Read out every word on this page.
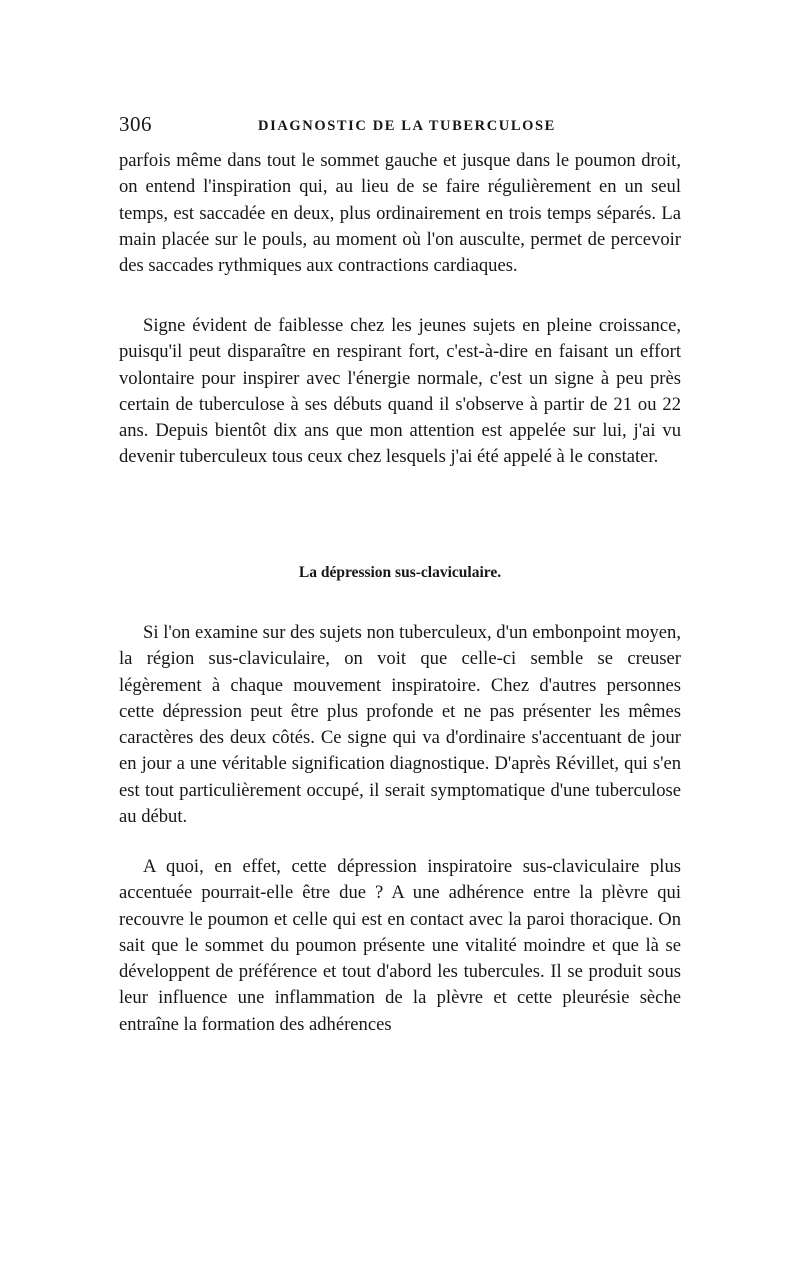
306	DIAGNOSTIC DE LA TUBERCULOSE

parfois même dans tout le sommet gauche et jusque dans le poumon droit, on entend l'inspiration qui, au lieu de se faire régulièrement en un seul temps, est saccadée en deux, plus ordinairement en trois temps séparés. La main placée sur le pouls, au moment où l'on ausculte, permet de percevoir des saccades rythmiques aux contractions cardiaques.

Signe évident de faiblesse chez les jeunes sujets en pleine croissance, puisqu'il peut disparaître en respirant fort, c'est-à-dire en faisant un effort volontaire pour inspirer avec l'énergie normale, c'est un signe à peu près certain de tuberculose à ses débuts quand il s'observe à partir de 21 ou 22 ans. Depuis bientôt dix ans que mon attention est appelée sur lui, j'ai vu devenir tuberculeux tous ceux chez lesquels j'ai été appelé à le constater.

La dépression sus-claviculaire.

Si l'on examine sur des sujets non tuberculeux, d'un embonpoint moyen, la région sus-claviculaire, on voit que celle-ci semble se creuser légèrement à chaque mouvement inspiratoire. Chez d'autres personnes cette dépression peut être plus profonde et ne pas présenter les mêmes caractères des deux côtés. Ce signe qui va d'ordinaire s'accentuant de jour en jour a une véritable signification diagnostique. D'après Révillet, qui s'en est tout particulièrement occupé, il serait symptomatique d'une tuberculose au début.

A quoi, en effet, cette dépression inspiratoire sus-claviculaire plus accentuée pourrait-elle être due ? A une adhérence entre la plèvre qui recouvre le poumon et celle qui est en contact avec la paroi thoracique. On sait que le sommet du poumon présente une vitalité moindre et que là se développent de préférence et tout d'abord les tubercules. Il se produit sous leur influence une inflammation de la plèvre et cette pleurésie sèche entraîne la formation des adhérences
